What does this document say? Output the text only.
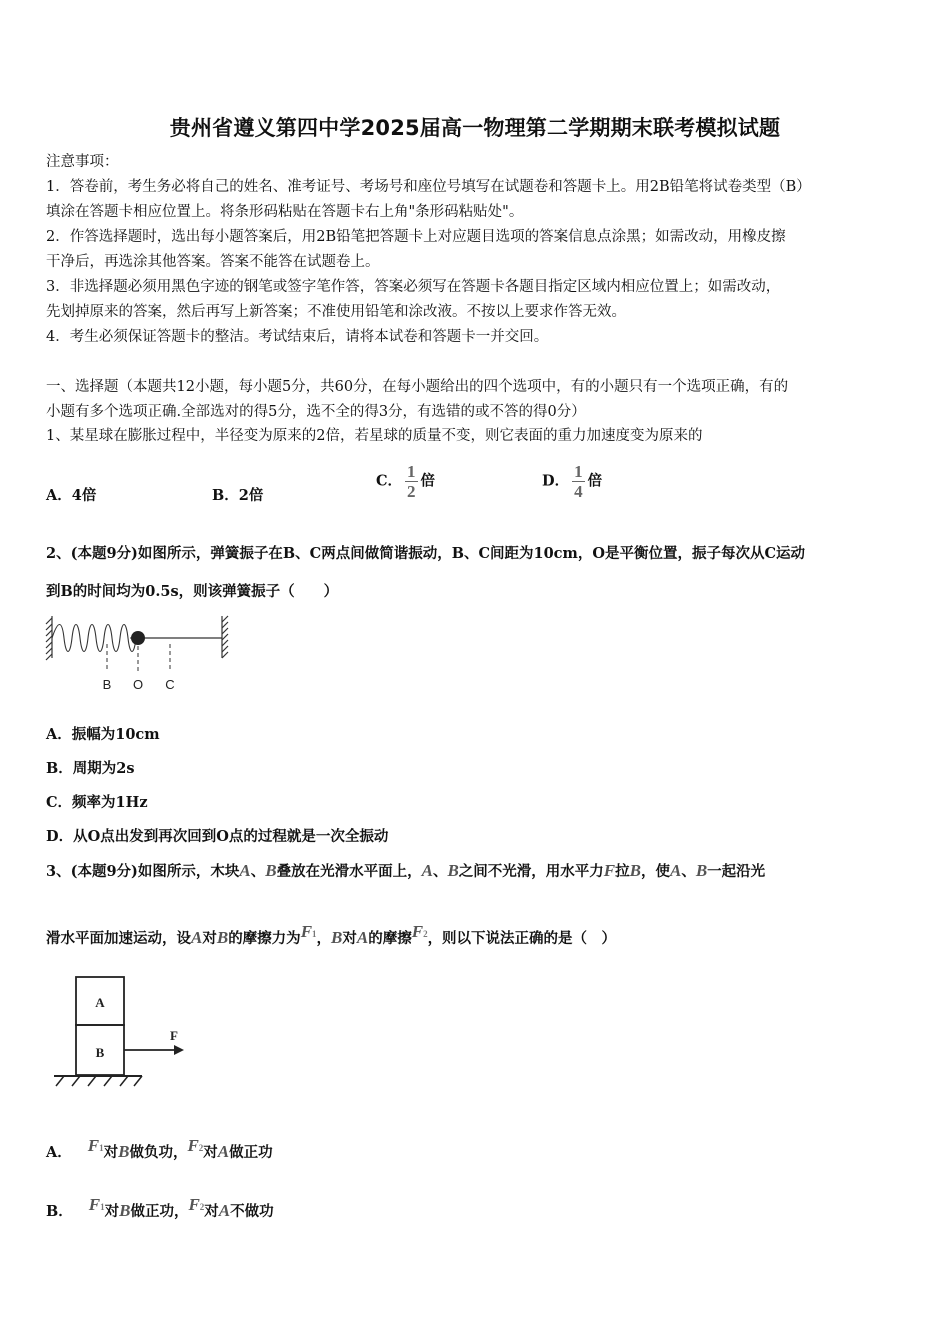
贵州省遵义第四中学2025届高一物理第二学期期末联考模拟试题
注意事项：
1．答卷前，考生务必将自己的姓名、准考证号、考场号和座位号填写在试题卷和答题卡上。用2B铅笔将试卷类型（B）
填涂在答题卡相应位置上。将条形码粘贴在答题卡右上角"条形码粘贴处"。
2．作答选择题时，选出每小题答案后，用2B铅笔把答题卡上对应题目选项的答案信息点涂黑；如需改动，用橡皮擦
干净后，再选涂其他答案。答案不能答在试题卷上。
3．非选择题必须用黑色字迹的钢笔或签字笔作答，答案必须写在答题卡各题目指定区域内相应位置上；如需改动，
先划掉原来的答案，然后再写上新答案；不准使用铅笔和涂改液。不按以上要求作答无效。
4．考生必须保证答题卡的整洁。考试结束后，请将本试卷和答题卡一并交回。
一、选择题（本题共12小题，每小题5分，共60分，在每小题给出的四个选项中，有的小题只有一个选项正确，有的
小题有多个选项正确.全部选对的得5分，选不全的得3分，有选错的或不答的得0分）
1、某星球在膨胀过程中，半径变为原来的2倍，若星球的质量不变，则它表面的重力加速度变为原来的
A．4倍	B．2倍
C． $\frac{1}{2}$ 倍	D． $\frac{1}{4}$ 倍
2、(本题9分)如图所示，弹簧振子在B、C两点间做简谐振动，B、C间距为10cm，O是平衡位置，振子每次从C运动
到B的时间均为0.5s，则该弹簧振子（　　）
B O C
A．振幅为10cm
B．周期为2s
C．频率为1Hz
D．从O点出发到再次回到O点的过程就是一次全振动
3、(本题9分)如图所示，木块A、B叠放在光滑水平面上，A、B之间不光滑，用水平力F拉B，使A、B一起沿光
滑水平面加速运动，设A对B的摩擦力为F1，B对A的摩擦F2，则以下说法正确的是（　）
A
B
F
A． F1对B做负功，F2对A做正功
B． F1对B做正功，F2对A不做功
